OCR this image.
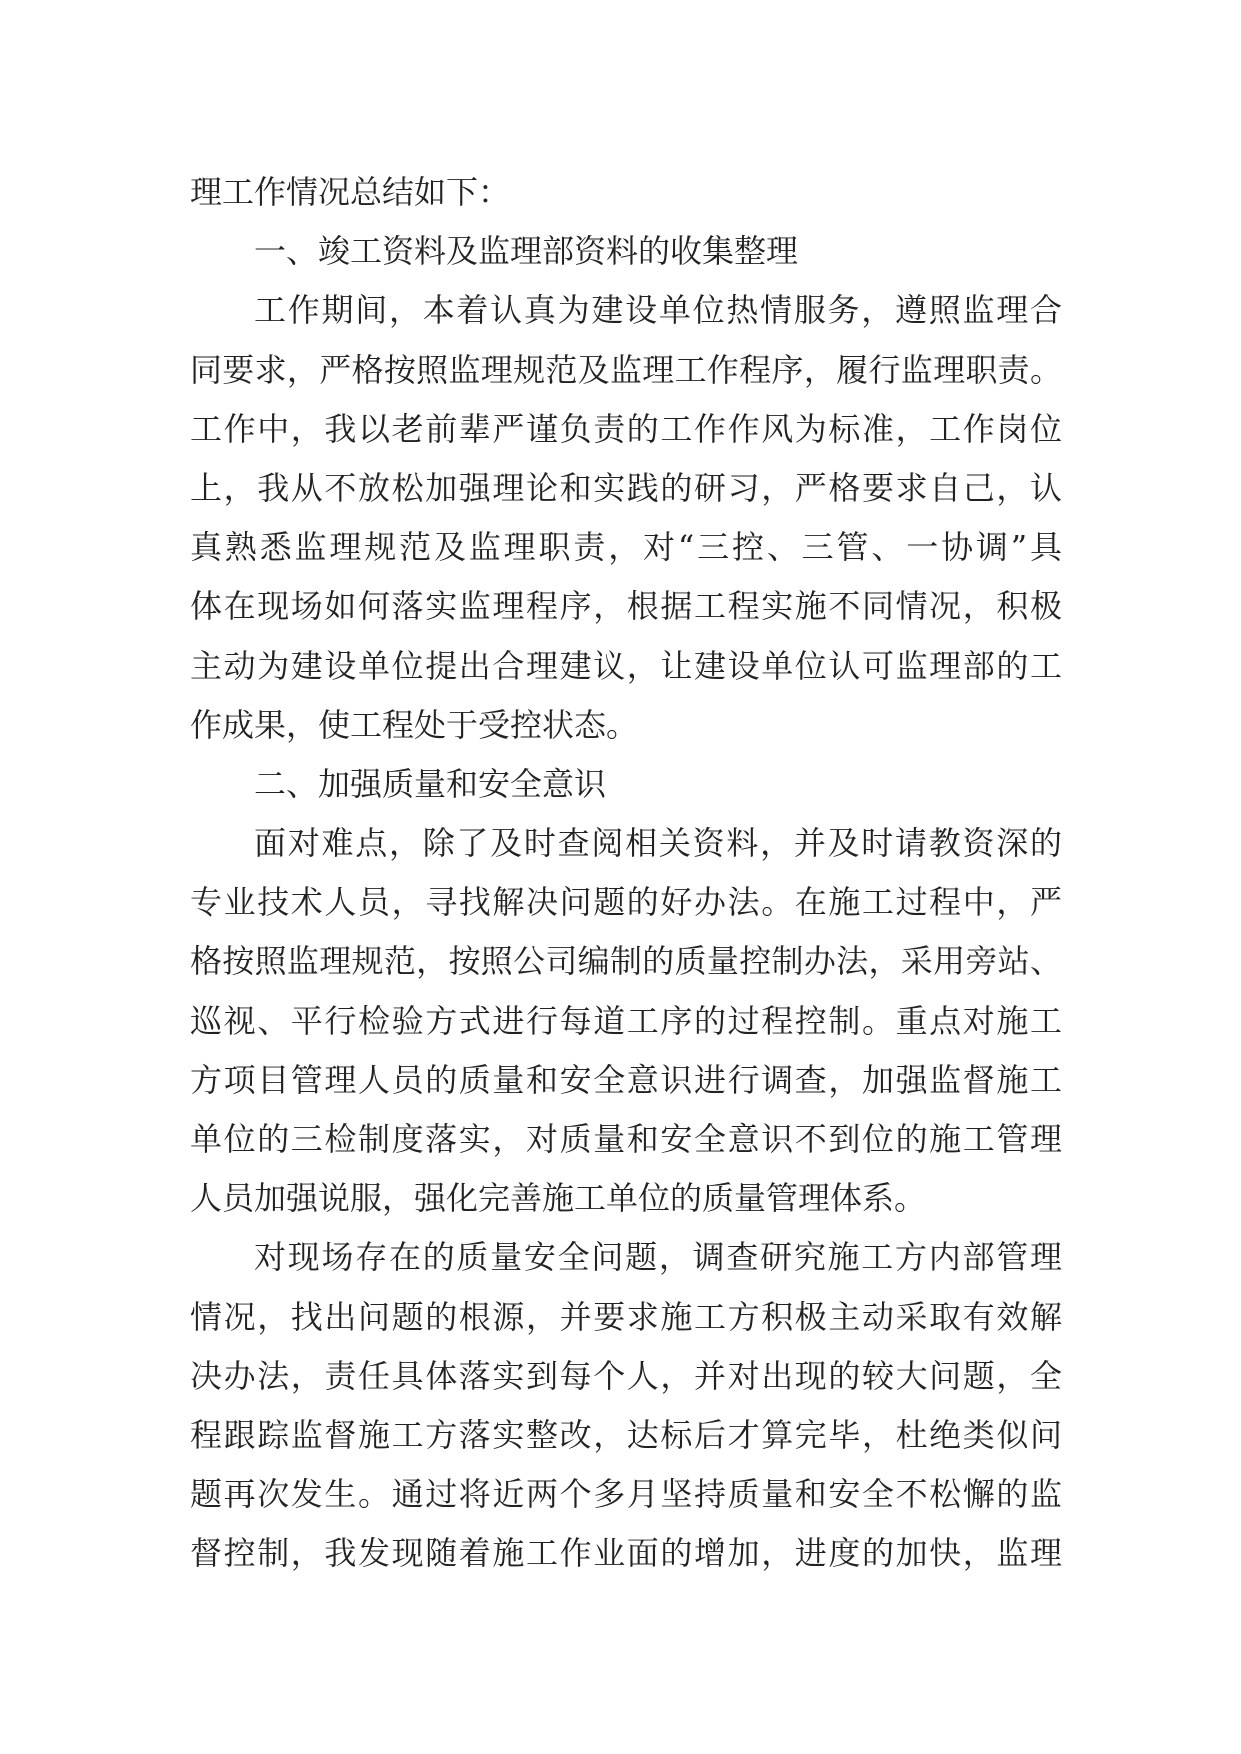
理工作情况总结如下：
一、竣工资料及监理部资料的收集整理
工作期间，本着认真为建设单位热情服务，遵照监理合
同要求，严格按照监理规范及监理工作程序，履行监理职责。
工作中，我以老前辈严谨负责的工作作风为标准，工作岗位
上，我从不放松加强理论和实践的研习，严格要求自己，认
真熟悉监理规范及监理职责，对“三控、三管、一协调”具
体在现场如何落实监理程序，根据工程实施不同情况，积极
主动为建设单位提出合理建议，让建设单位认可监理部的工
作成果，使工程处于受控状态。
二、加强质量和安全意识
面对难点，除了及时查阅相关资料，并及时请教资深的
专业技术人员，寻找解决问题的好办法。在施工过程中，严
格按照监理规范，按照公司编制的质量控制办法，采用旁站、
巡视、平行检验方式进行每道工序的过程控制。重点对施工
方项目管理人员的质量和安全意识进行调查，加强监督施工
单位的三检制度落实，对质量和安全意识不到位的施工管理
人员加强说服，强化完善施工单位的质量管理体系。
对现场存在的质量安全问题，调查研究施工方内部管理
情况，找出问题的根源，并要求施工方积极主动采取有效解
决办法，责任具体落实到每个人，并对出现的较大问题，全
程跟踪监督施工方落实整改，达标后才算完毕，杜绝类似问
题再次发生。通过将近两个多月坚持质量和安全不松懈的监
督控制，我发现随着施工作业面的增加，进度的加快，监理
